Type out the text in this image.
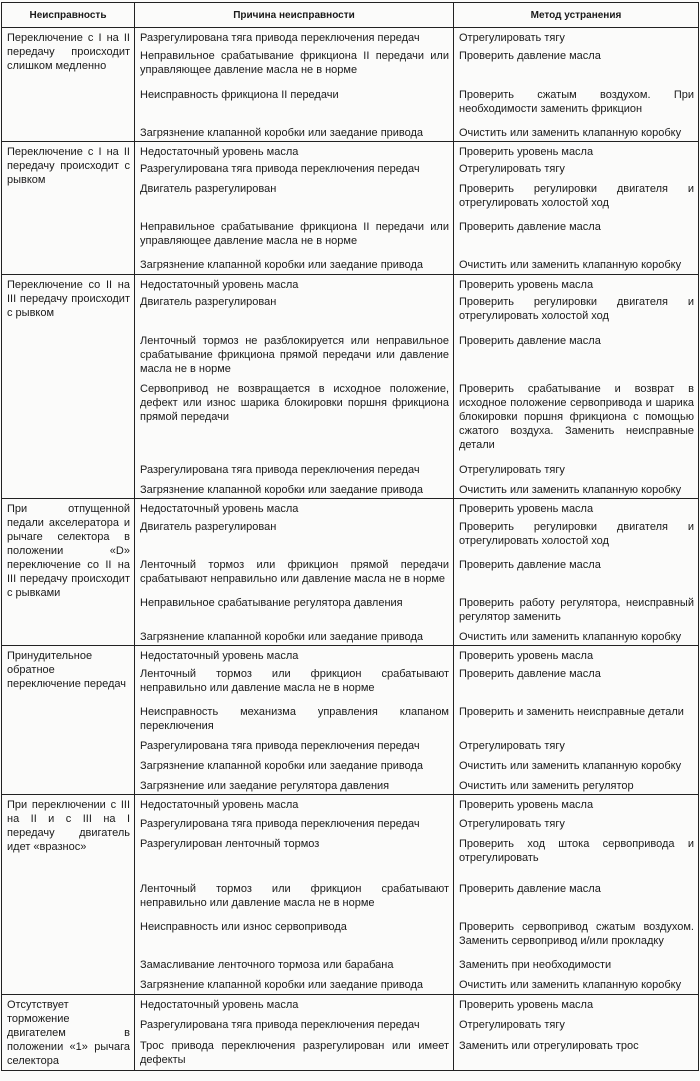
Неисправность	Причина неисправности	Метод устранения
Переключение с I на II передачу происходит слишком медленно	Разрегулирована тяга привода переключения передач	Отрегулировать тягу
	Неправильное срабатывание фрикциона II передачи или управляющее давление масла не в норме	Проверить давление масла
	Неисправность фрикциона II передачи	Проверить сжатым воздухом. При необходимости заменить фрикцион
	Загрязнение клапанной коробки или заедание привода	Очистить или заменить клапанную коробку
Переключение с I на II передачу происходит с рывком	Недостаточный уровень масла	Проверить уровень масла
	Разрегулирована тяга привода переключения передач	Отрегулировать тягу
	Двигатель разрегулирован	Проверить регулировки двигателя и отрегулировать холостой ход
	Неправильное срабатывание фрикциона II передачи или управляющее давление масла не в норме	Проверить давление масла
	Загрязнение клапанной коробки или заедание привода	Очистить или заменить клапанную коробку
Переключение со II на III передачу происходит с рывком	Недостаточный уровень масла	Проверить уровень масла
	Двигатель разрегулирован	Проверить регулировки двигателя и отрегулировать холостой ход
	Ленточный тормоз не разблокируется или неправильное срабатывание фрикциона прямой передачи или давление масла не в норме	Проверить давление масла
	Сервопривод не возвращается в исходное положение, дефект или износ шарика блокировки поршня фрикциона прямой передачи	Проверить срабатывание и возврат в исходное положение сервопривода и шарика блокировки поршня фрикциона с помощью сжатого воздуха. Заменить неисправные детали
	Разрегулирована тяга привода переключения передач	Отрегулировать тягу
	Загрязнение клапанной коробки или заедание привода	Очистить или заменить клапанную коробку
При отпущенной педали акселератора и рычаге селектора в положении «D» переключение со II на III передачу происходит с рывками	Недостаточный уровень масла	Проверить уровень масла
	Двигатель разрегулирован	Проверить регулировки двигателя и отрегулировать холостой ход
	Ленточный тормоз или фрикцион прямой передачи срабатывают неправильно или давление масла не в норме	Проверить давление масла
	Неправильное срабатывание регулятора давления	Проверить работу регулятора, неисправный регулятор заменить
	Загрязнение клапанной коробки или заедание привода	Очистить или заменить клапанную коробку
Принудительное обратное переключение передач	Недостаточный уровень масла	Проверить уровень масла
	Ленточный тормоз или фрикцион срабатывают неправильно или давление масла не в норме	Проверить давление масла
	Неисправность механизма управления клапаном переключения	Проверить и заменить неисправные детали
	Разрегулирована тяга привода переключения передач	Отрегулировать тягу
	Загрязнение клапанной коробки или заедание привода	Очистить или заменить клапанную коробку
	Загрязнение или заедание регулятора давления	Очистить или заменить регулятор
При переключении с III на II и с III на I передачу двигатель идет «вразнос»	Недостаточный уровень масла	Проверить уровень масла
	Разрегулирована тяга привода переключения передач	Отрегулировать тягу
	Разрегулирован ленточный тормоз	Проверить ход штока сервопривода и отрегулировать
	Ленточный тормоз или фрикцион срабатывают неправильно или давление масла не в норме	Проверить давление масла
	Неисправность или износ сервопривода	Проверить сервопривод сжатым воздухом. Заменить сервопривод и/или прокладку
	Замасливание ленточного тормоза или барабана	Заменить при необходимости
	Загрязнение клапанной коробки или заедание привода	Очистить или заменить клапанную коробку
Отсутствует торможение двигателем в положении «1» рычага селектора	Недостаточный уровень масла	Проверить уровень масла
	Разрегулирована тяга привода переключения передач	Отрегулировать тягу
	Трос привода переключения разрегулирован или имеет дефекты	Заменить или отрегулировать трос
